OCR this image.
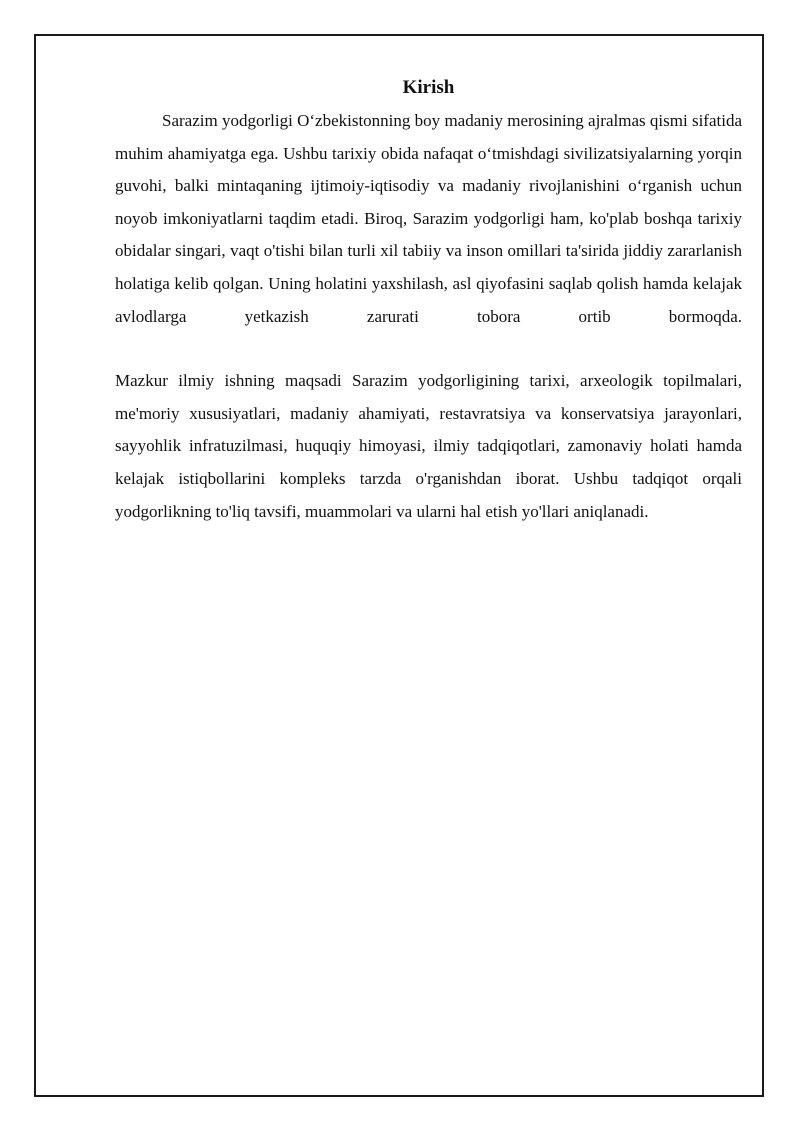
Kirish

Sarazim yodgorligi O‘zbekistonning boy madaniy merosining ajralmas qismi sifatida muhim ahamiyatga ega. Ushbu tarixiy obida nafaqat o‘tmishdagi sivilizatsiyalarning yorqin guvohi, balki mintaqaning ijtimoiy-iqtisodiy va madaniy rivojlanishini o‘rganish uchun noyob imkoniyatlarni taqdim etadi. Biroq, Sarazim yodgorligi ham, ko'plab boshqa tarixiy obidalar singari, vaqt o'tishi bilan turli xil tabiiy va inson omillari ta'sirida jiddiy zararlanish holatiga kelib qolgan. Uning holatini yaxshilash, asl qiyofasini saqlab qolish hamda kelajak avlodlarga yetkazish zarurati tobora ortib bormoqda.

Mazkur ilmiy ishning maqsadi Sarazim yodgorligining tarixi, arxeologik topilmalari, me'moriy xususiyatlari, madaniy ahamiyati, restavratsiya va konservatsiya jarayonlari, sayyohlik infratuzilmasi, huquqiy himoyasi, ilmiy tadqiqotlari, zamonaviy holati hamda kelajak istiqbollarini kompleks tarzda o'rganishdan iborat. Ushbu tadqiqot orqali yodgorlikning to'liq tavsifi, muammolari va ularni hal etish yo'llari aniqlanadi.
